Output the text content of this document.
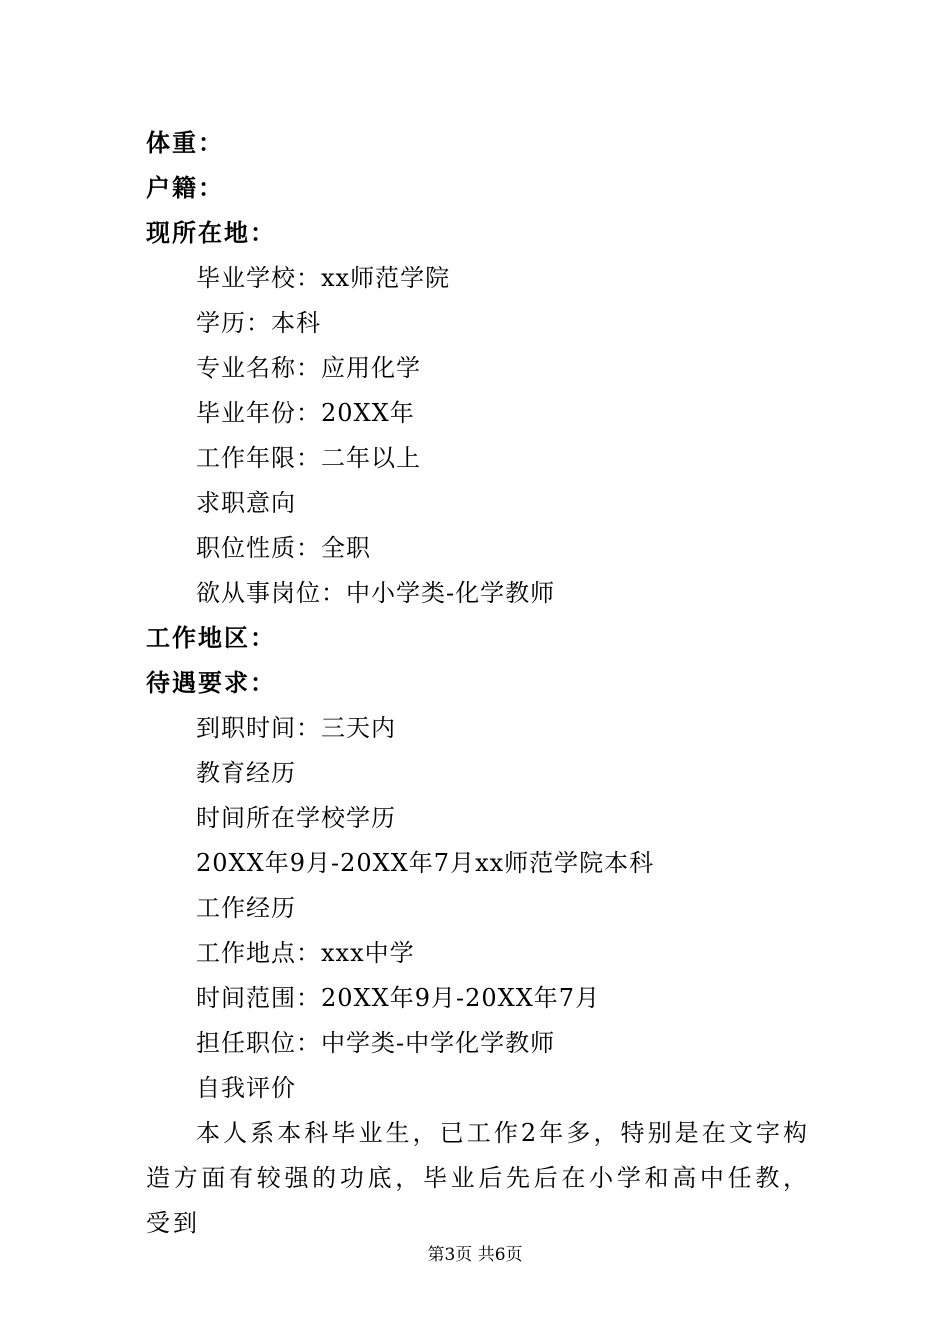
体重：
户籍：
现所在地：
毕业学校：xx师范学院
学历：本科
专业名称：应用化学
毕业年份：20XX年
工作年限：二年以上
求职意向
职位性质：全职
欲从事岗位：中小学类-化学教师
工作地区：
待遇要求：
到职时间：三天内
教育经历
时间所在学校学历
20XX年9月-20XX年7月xx师范学院本科
工作经历
工作地点：xxx中学
时间范围：20XX年9月-20XX年7月
担任职位：中学类-中学化学教师
自我评价

本人系本科毕业生，已工作2年多，特别是在文字构造方面有较强的功底，毕业后先后在小学和高中任教，受到

第3页 共6页
